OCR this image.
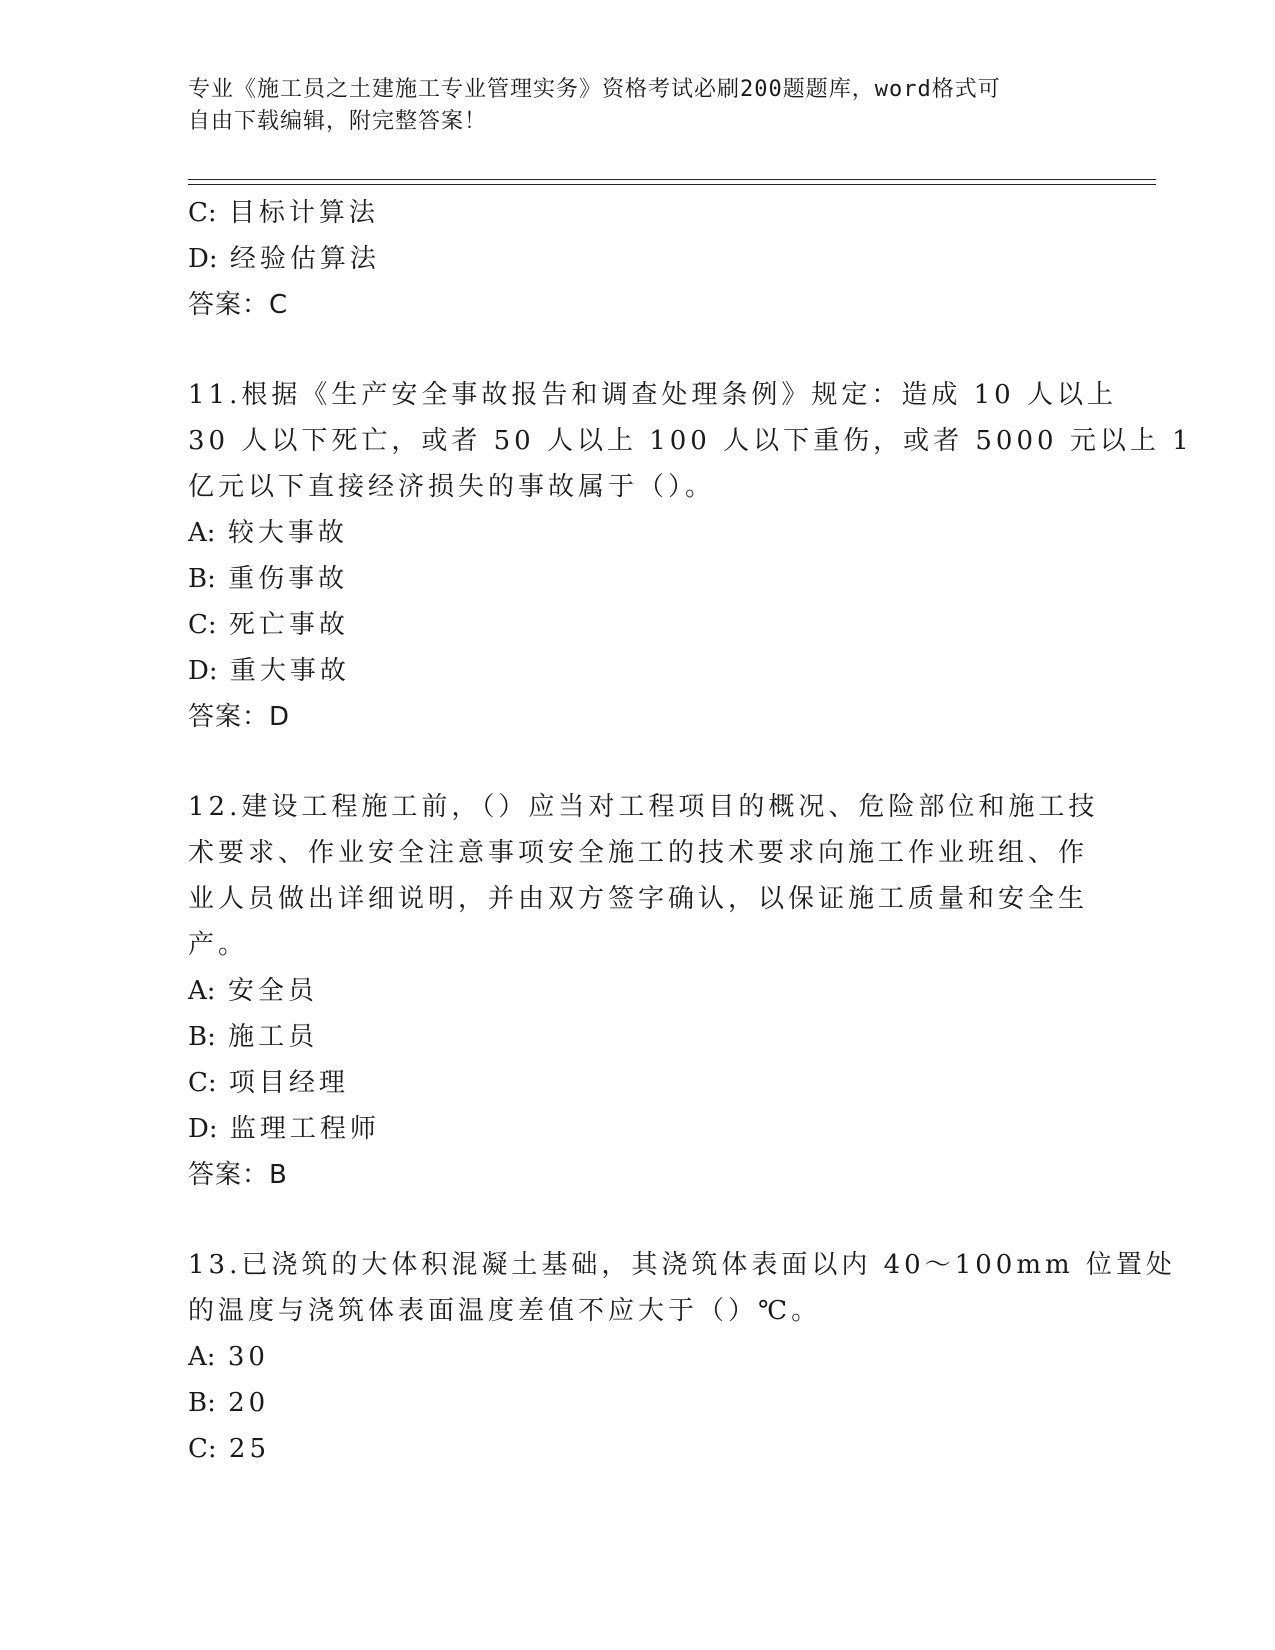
专业《施工员之土建施工专业管理实务》资格考试必刷200题题库，word格式可
自由下载编辑，附完整答案！
C: 目标计算法
D: 经验估算法
答案：C
11.根据《生产安全事故报告和调查处理条例》规定：造成 10 人以上
30 人以下死亡，或者 50 人以上 100 人以下重伤，或者 5000 元以上 1
亿元以下直接经济损失的事故属于（）。
A: 较大事故
B: 重伤事故
C: 死亡事故
D: 重大事故
答案：D
12.建设工程施工前，（）应当对工程项目的概况、危险部位和施工技
术要求、作业安全注意事项安全施工的技术要求向施工作业班组、作
业人员做出详细说明，并由双方签字确认，以保证施工质量和安全生
产。
A: 安全员
B: 施工员
C: 项目经理
D: 监理工程师
答案：B
13.已浇筑的大体积混凝土基础，其浇筑体表面以内 40～100mm 位置处
的温度与浇筑体表面温度差值不应大于（）℃。
A: 30
B: 20
C: 25
